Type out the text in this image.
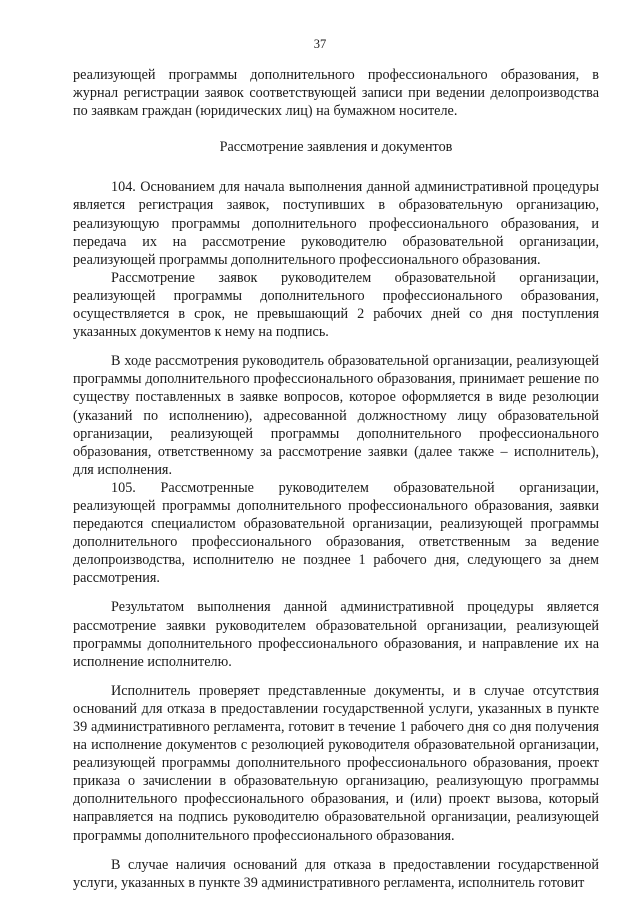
37

реализующей программы дополнительного профессионального образования, в журнал регистрации заявок соответствующей записи при ведении делопроизводства по заявкам граждан (юридических лиц) на бумажном носителе.

Рассмотрение заявления и документов

104. Основанием для начала выполнения данной административной процедуры является регистрация заявок, поступивших в образовательную организацию, реализующую программы дополнительного профессионального образования, и передача их на рассмотрение руководителю образовательной организации, реализующей программы дополнительного профессионального образования.

Рассмотрение заявок руководителем образовательной организации, реализующей программы дополнительного профессионального образования, осуществляется в срок, не превышающий 2 рабочих дней со дня поступления указанных документов к нему на подпись.

В ходе рассмотрения руководитель образовательной организации, реализующей программы дополнительного профессионального образования, принимает решение по существу поставленных в заявке вопросов, которое оформляется в виде резолюции (указаний по исполнению), адресованной должностному лицу образовательной организации, реализующей программы дополнительного профессионального образования, ответственному за рассмотрение заявки (далее также – исполнитель), для исполнения.

105. Рассмотренные руководителем образовательной организации, реализующей программы дополнительного профессионального образования, заявки передаются специалистом образовательной организации, реализующей программы дополнительного профессионального образования, ответственным за ведение делопроизводства, исполнителю не позднее 1 рабочего дня, следующего за днем рассмотрения.

Результатом выполнения данной административной процедуры является рассмотрение заявки руководителем образовательной организации, реализующей программы дополнительного профессионального образования, и направление их на исполнение исполнителю.

Исполнитель проверяет представленные документы, и в случае отсутствия оснований для отказа в предоставлении государственной услуги, указанных в пункте 39 административного регламента, готовит в течение 1 рабочего дня со дня получения на исполнение документов с резолюцией руководителя образовательной организации, реализующей программы дополнительного профессионального образования, проект приказа о зачислении в образовательную организацию, реализующую программы дополнительного профессионального образования, и (или) проект вызова, который направляется на подпись руководителю образовательной организации, реализующей программы дополнительного профессионального образования.

В случае наличия оснований для отказа в предоставлении государственной услуги, указанных в пункте 39 административного регламента, исполнитель готовит
